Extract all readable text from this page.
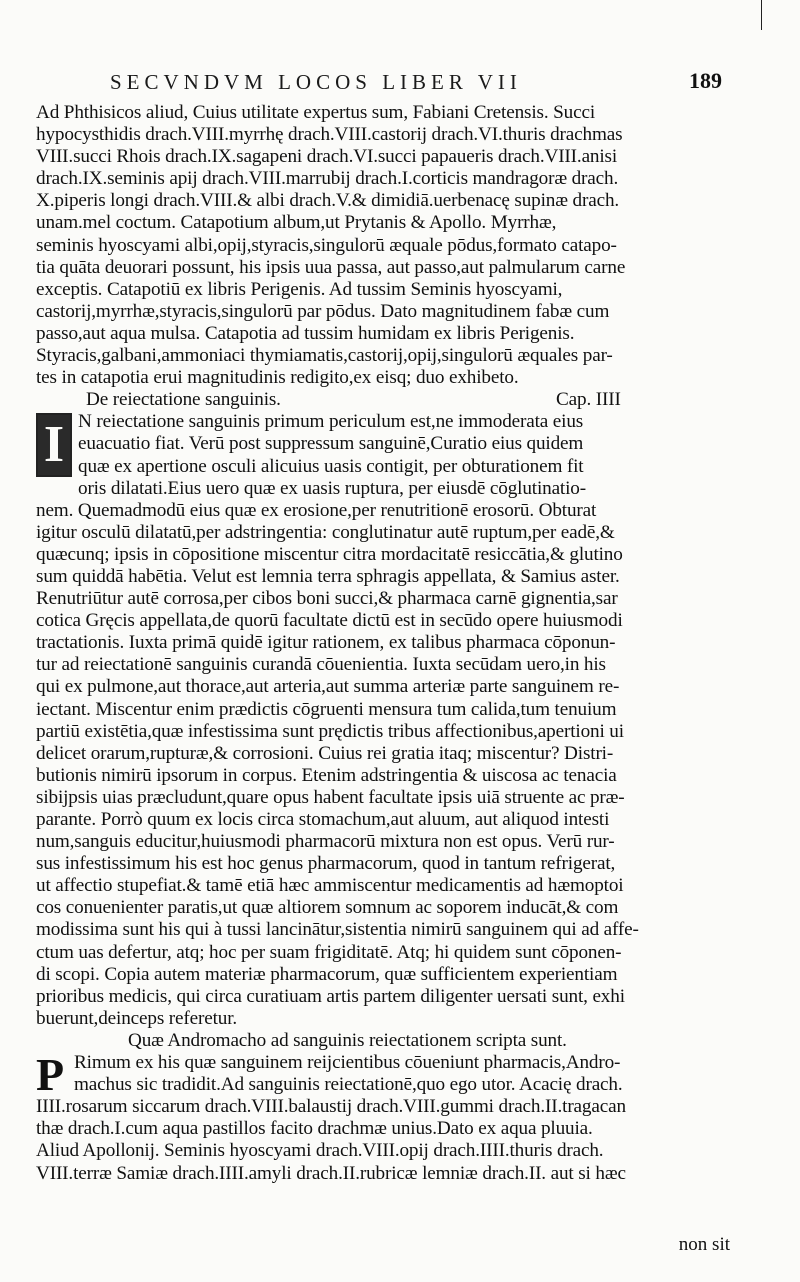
SECVNDVM LOCOS LIBER VII	189
Ad Phthisicos aliud, Cuius utilitate expertus sum, Fabiani Cretensis. Succi
hypocysthidis drach.VIII.myrrhę drach.VIII.castorij drach.VI.thuris drachmas
VIII.succi Rhois drach.IX.sagapeni drach.VI.succi papaueris drach.VIII.anisi
drach.IX.seminis apij drach.VIII.marrubij drach.I.corticis mandragoræ drach.
X.piperis longi drach.VIII.& albi drach.V.& dimidiā.uerbenacę supinæ drach.
unam.mel coctum. Catapotium album,ut Prytanis & Apollo. Myrrhæ,
seminis hyoscyami albi,opij,styracis,singulorū æquale pōdus,formato catapo-
tia quāta deuorari possunt, his ipsis uua passa, aut passo,aut palmularum carne
exceptis. Catapotiū ex libris Perigenis. Ad tussim Seminis hyoscyami,
castorij,myrrhæ,styracis,singulorū par pōdus. Dato magnitudinem fabæ cum
passo,aut aqua mulsa. Catapotia ad tussim humidam ex libris Perigenis.
Styracis,galbani,ammoniaci thymiamatis,castorij,opij,singulorū æquales par-
tes in catapotia erui magnitudinis redigito,ex eisq; duo exhibeto.
De reiectatione sanguinis.	Cap. IIII
I N reiectatione sanguinis primum periculum est,ne immoderata eius
euacuatio fiat. Verū post suppressum sanguinē,Curatio eius quidem
quæ ex apertione osculi alicuius uasis contigit, per obturationem fit
oris dilatati.Eius uero quæ ex uasis ruptura, per eiusdē cōglutinatio-
nem. Quemadmodū eius quæ ex erosione,per renutritionē erosorū. Obturat
igitur osculū dilatatū,per adstringentia: conglutinatur autē ruptum,per eadē,&
quæcunq; ipsis in cōpositione miscentur citra mordacitatē resiccātia,& glutino
sum quiddā habētia. Velut est lemnia terra sphragis appellata, & Samius aster.
Renutriūtur autē corrosa,per cibos boni succi,& pharmaca carnē gignentia,sar
cotica Gręcis appellata,de quorū facultate dictū est in secūdo opere huiusmodi
tractationis. Iuxta primā quidē igitur rationem, ex talibus pharmaca cōponun-
tur ad reiectationē sanguinis curandā cōuenientia. Iuxta secūdam uero,in his
qui ex pulmone,aut thorace,aut arteria,aut summa arteriæ parte sanguinem re-
iectant. Miscentur enim prædictis cōgruenti mensura tum calida,tum tenuium
partiū existētia,quæ infestissima sunt prędictis tribus affectionibus,apertioni ui
delicet orarum,rupturæ,& corrosioni. Cuius rei gratia itaq; miscentur? Distri-
butionis nimirū ipsorum in corpus. Etenim adstringentia & uiscosa ac tenacia
sibijpsis uias præcludunt,quare opus habent facultate ipsis uiā struente ac præ-
parante. Porrò quum ex locis circa stomachum,aut aluum, aut aliquod intesti
num,sanguis educitur,huiusmodi pharmacorū mixtura non est opus. Verū rur-
sus infestissimum his est hoc genus pharmacorum, quod in tantum refrigerat,
ut affectio stupefiat.& tamē etiā hæc ammiscentur medicamentis ad hæmoptoi
cos conuenienter paratis,ut quæ altiorem somnum ac soporem inducāt,& com
modissima sunt his qui à tussi lancinātur,sistentia nimirū sanguinem qui ad affe-
ctum uas defertur, atq; hoc per suam frigiditatē. Atq; hi quidem sunt cōponen-
di scopi. Copia autem materiæ pharmacorum, quæ sufficientem experientiam
prioribus medicis, qui circa curatiuam artis partem diligenter uersati sunt, exhi
buerunt,deinceps referetur.
Quæ Andromacho ad sanguinis reiectationem scripta sunt.
P Rimum ex his quæ sanguinem reijcientibus cōueniunt pharmacis,Andro-
machus sic tradidit.Ad sanguinis reiectationē,quo ego utor. Acacię drach.
IIII.rosarum siccarum drach.VIII.balaustij drach.VIII.gummi drach.II.tragacan
thæ drach.I.cum aqua pastillos facito drachmæ unius.Dato ex aqua pluuia.
Aliud Apollonij. Seminis hyoscyami drach.VIII.opij drach.IIII.thuris drach.
VIII.terræ Samiæ drach.IIII.amyli drach.II.rubricæ lemniæ drach.II. aut si hæc
non sit
